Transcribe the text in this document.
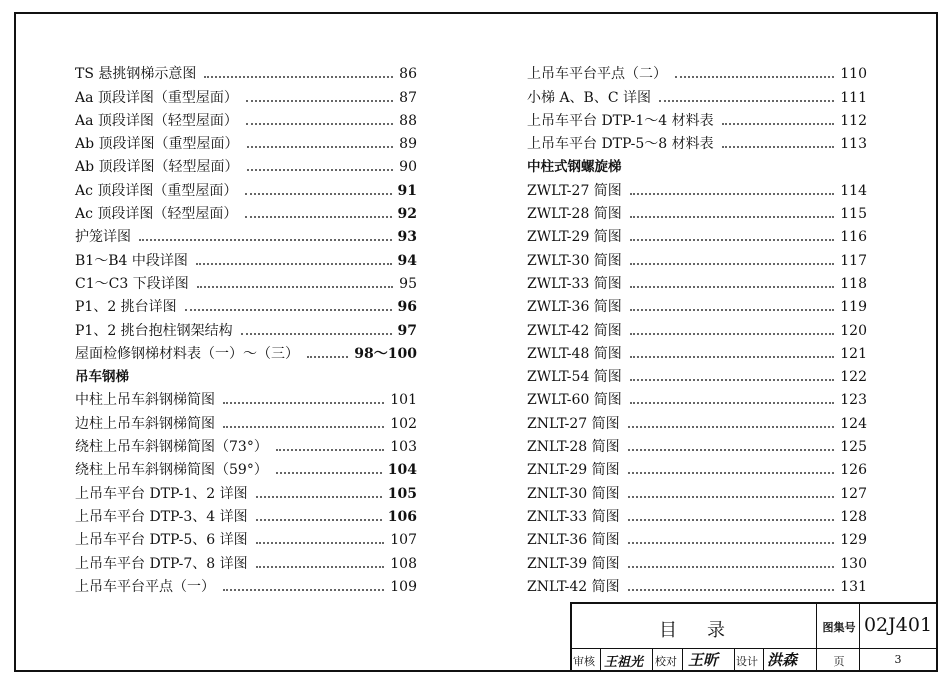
TS 悬挑钢梯示意图	86
Aa 顶段详图（重型屋面）	87
Aa 顶段详图（轻型屋面）	88
Ab 顶段详图（重型屋面）	89
Ab 顶段详图（轻型屋面）	90
Ac 顶段详图（重型屋面）	91
Ac 顶段详图（轻型屋面）	92
护笼详图	93
B1～B4 中段详图	94
C1～C3 下段详图	95
P1、2 挑台详图	96
P1、2 挑台抱柱钢架结构	97
屋面检修钢梯材料表（一）～（三）	98～100
吊车钢梯
中柱上吊车斜钢梯简图	101
边柱上吊车斜钢梯简图	102
绕柱上吊车斜钢梯简图（73°）	103
绕柱上吊车斜钢梯简图（59°）	104
上吊车平台 DTP-1、2 详图	105
上吊车平台 DTP-3、4 详图	106
上吊车平台 DTP-5、6 详图	107
上吊车平台 DTP-7、8 详图	108
上吊车平台平点（一）	109
上吊车平台平点（二）	110
小梯 A、B、C 详图	111
上吊车平台 DTP-1～4 材料表	112
上吊车平台 DTP-5～8 材料表	113
中柱式钢螺旋梯
ZWLT-27 简图	114
ZWLT-28 简图	115
ZWLT-29 简图	116
ZWLT-30 简图	117
ZWLT-33 简图	118
ZWLT-36 简图	119
ZWLT-42 简图	120
ZWLT-48 简图	121
ZWLT-54 简图	122
ZWLT-60 简图	123
ZNLT-27 简图	124
ZNLT-28 简图	125
ZNLT-29 简图	126
ZNLT-30 简图	127
ZNLT-33 简图	128
ZNLT-36 简图	129
ZNLT-39 简图	130
ZNLT-42 简图	131
目　录	图集号 02J401
审核 王祖光 校对 王昕 设计 洪森	页	3
